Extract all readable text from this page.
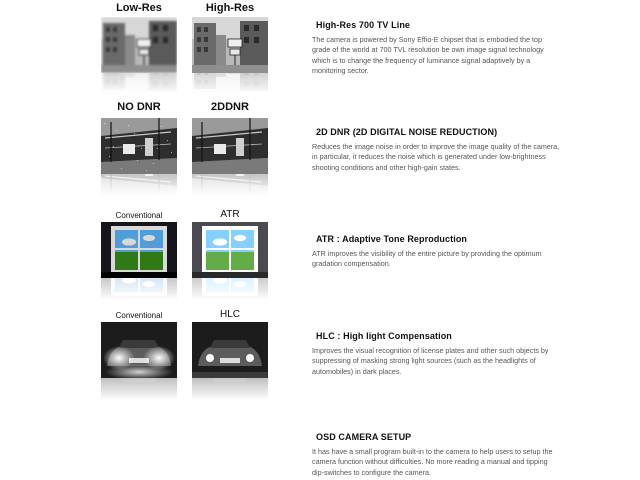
Low-Res	High-Res
High-Res 700 TV Line

The camera is powered by Sony Effio-E chipset that is embodied the top grade of the world at 700 TVL resolution be own image signal technology which is to change the frequency of luminance signal adaptively by a monitoring sector.

NO DNR	2DDNR
2D DNR (2D DIGITAL NOISE REDUCTION)

Reduces the image noise in order to improve the image quality of the camera, in particular, it reduces the noise which is generated under low-brightness shooting conditions and other high-gain states.

Conventional	ATR
ATR : Adaptive Tone Reproduction

ATR improves the visibility of the entire picture by providing the optimum gradation compensation.

Conventional	HLC
HLC : High light Compensation

Improves the visual recognition of license plates and other such objects by suppressing of masking strong light sources (such as the headlights of automobiles) in dark places.

OSD CAMERA SETUP

It has have a small program built-in to the camera to help users to setup the camera function without difficulties. No more reading a manual and tipping dip-switches to configure the camera.
